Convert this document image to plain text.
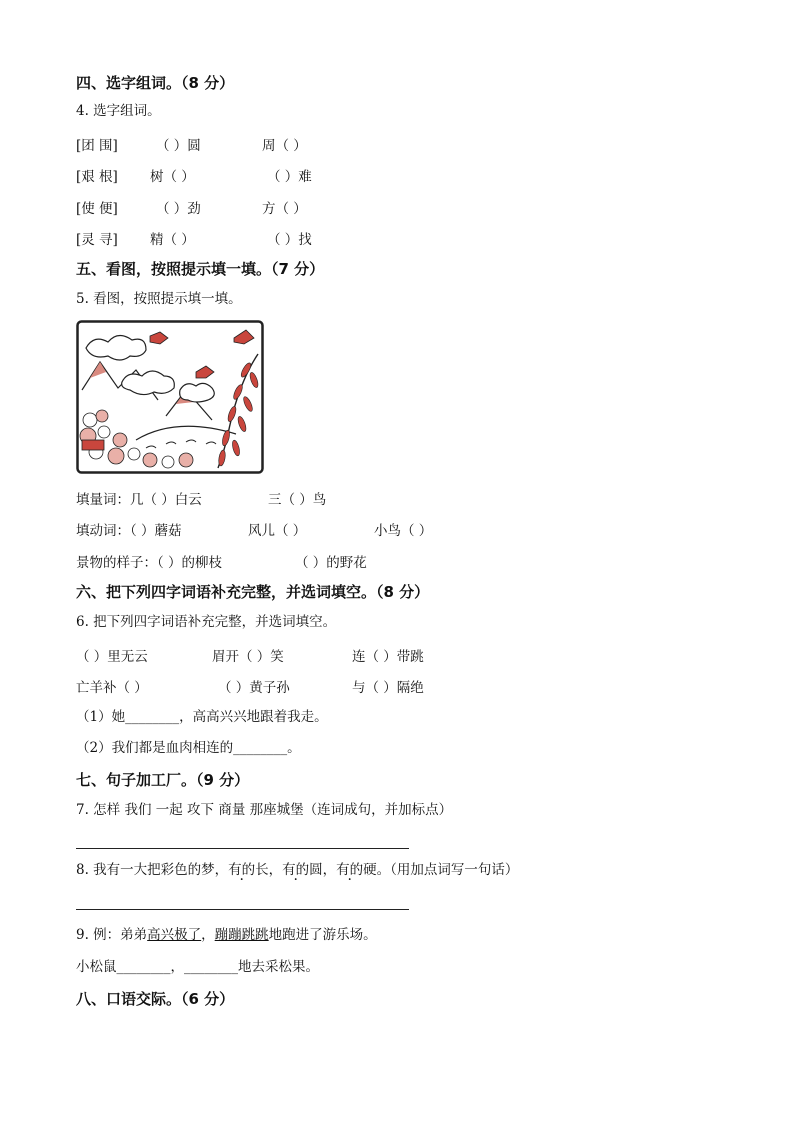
四、选字组词。（8 分）
4. 选字组词。
[团 围]	（ ）圆	周（ ）
[艰 根] 树（ ）	（ ）难
[使 便]	（ ）劲	方（ ）
[灵 寻] 精（ ）	（ ）找
五、看图，按照提示填一填。（7 分）
5. 看图，按照提示填一填。
填量词：几（ ）白云	三（ ）鸟
填动词：（ ）蘑菇	风儿（ ）	小鸟（ ）
景物的样子：（ ）的柳枝	（ ）的野花
六、把下列四字词语补充完整，并选词填空。（8 分）
6. 把下列四字词语补充完整，并选词填空。
（ ）里无云	眉开（ ）笑	连（ ）带跳
亡羊补（ ）	（ ）黄子孙	与（ ）隔绝
（1）她________，高高兴兴地跟着我走。
（2）我们都是血肉相连的________。
七、句子加工厂。（9 分）
7. 怎样 我们 一起 攻下 商量 那座城堡（连词成句，并加标点）
8. 我有一大把彩色的梦，有的长，有的圆，有的硬。（用加点词写一句话）
9. 例：弟弟高兴极了，蹦蹦跳跳地跑进了游乐场。
小松鼠________，________地去采松果。
八、口语交际。（6 分）
